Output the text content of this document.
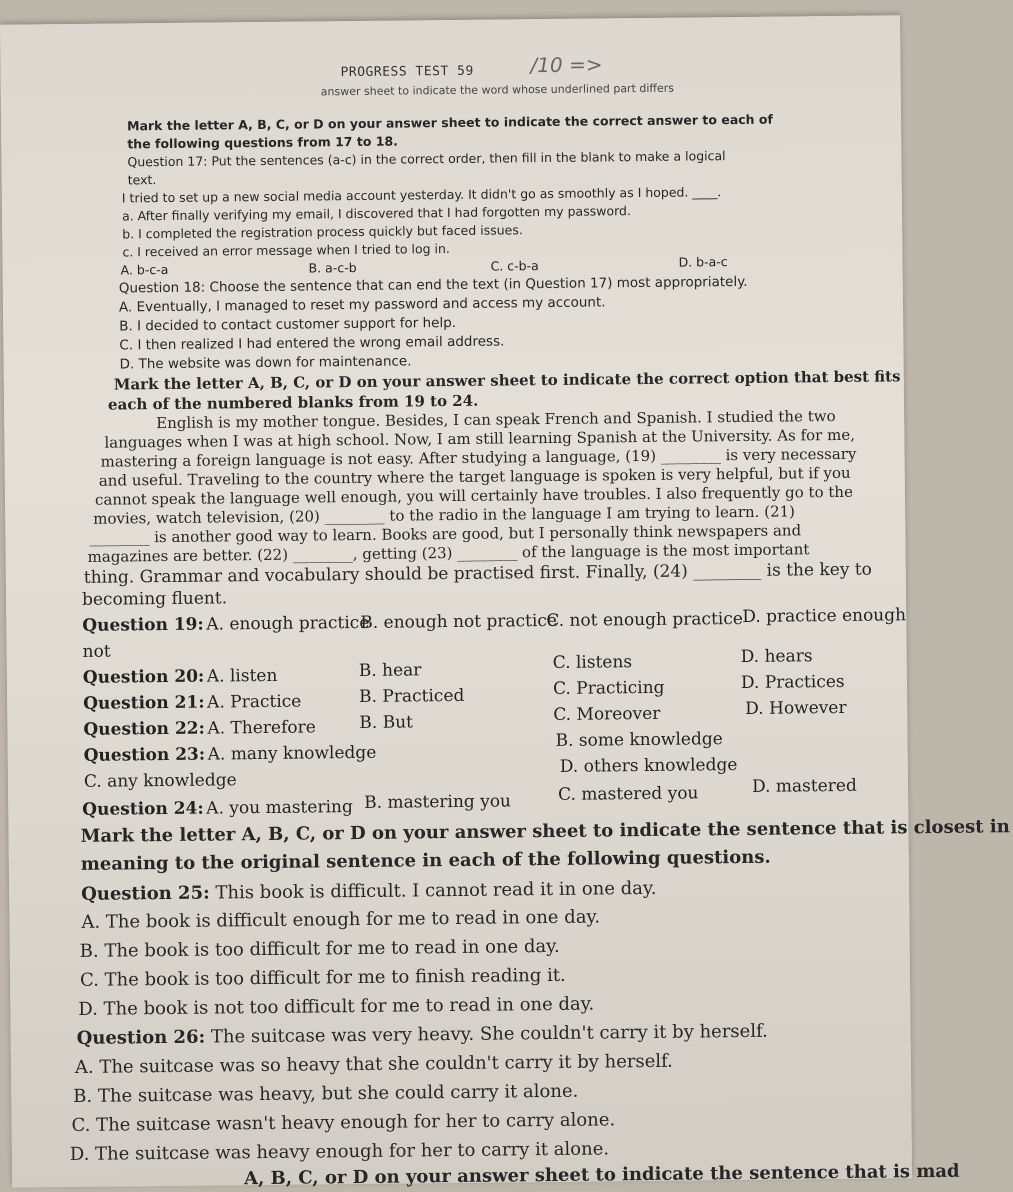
PROGRESS TEST 59	/10 =>
answer sheet to indicate the word whose underlined part differs
Mark the letter A, B, C, or D on your answer sheet to indicate the correct answer to each of
the following questions from 17 to 18.
Question 17: Put the sentences (a-c) in the correct order, then fill in the blank to make a logical
text.
I tried to set up a new social media account yesterday. It didn't go as smoothly as I hoped. ____.
a. After finally verifying my email, I discovered that I had forgotten my password.
b. I completed the registration process quickly but faced issues.
c. I received an error message when I tried to log in.
A. b-c-a	B. a-c-b	C. c-b-a	D. b-a-c
Question 18: Choose the sentence that can end the text (in Question 17) most appropriately.
A. Eventually, I managed to reset my password and access my account.
B. I decided to contact customer support for help.
C. I then realized I had entered the wrong email address.
D. The website was down for maintenance.
Mark the letter A, B, C, or D on your answer sheet to indicate the correct option that best fits
each of the numbered blanks from 19 to 24.
English is my mother tongue. Besides, I can speak French and Spanish. I studied the two
languages when I was at high school. Now, I am still learning Spanish at the University. As for me,
mastering a foreign language is not easy. After studying a language, (19) ________ is very necessary
and useful. Traveling to the country where the target language is spoken is very helpful, but if you
cannot speak the language well enough, you will certainly have troubles. I also frequently go to the
movies, watch television, (20) ________ to the radio in the language I am trying to learn. (21)
________ is another good way to learn. Books are good, but I personally think newspapers and
magazines are better. (22) ________, getting (23) ________ of the language is the most important
thing. Grammar and vocabulary should be practised first. Finally, (24) ________ is the key to
becoming fluent.
Question 19: A. enough practice
B. enough not practice
C. not enough practice D. practice enough
not
Question 20: A. listen	B. hear	C. listens	D. hears
Question 21: A. Practice	B. Practiced	C. Practicing	D. Practices
Question 22: A. Therefore	B. But	C. Moreover	D. However
Question 23: A. many knowledge
B. some knowledge
C. any knowledge
D. others knowledge
Question 24: A. you mastering B. mastering you	C. mastered you	D. mastered
Mark the letter A, B, C, or D on your answer sheet to indicate the sentence that is closest in
meaning to the original sentence in each of the following questions.
Question 25: This book is difficult. I cannot read it in one day.
A. The book is difficult enough for me to read in one day.
B. The book is too difficult for me to read in one day.
C. The book is too difficult for me to finish reading it.
D. The book is not too difficult for me to read in one day.
Question 26: The suitcase was very heavy. She couldn't carry it by herself.
A. The suitcase was so heavy that she couldn't carry it by herself.
B. The suitcase was heavy, but she could carry it alone.
C. The suitcase wasn't heavy enough for her to carry alone.
D. The suitcase was heavy enough for her to carry it alone.
A, B, C, or D on your answer sheet to indicate the sentence that is mad
